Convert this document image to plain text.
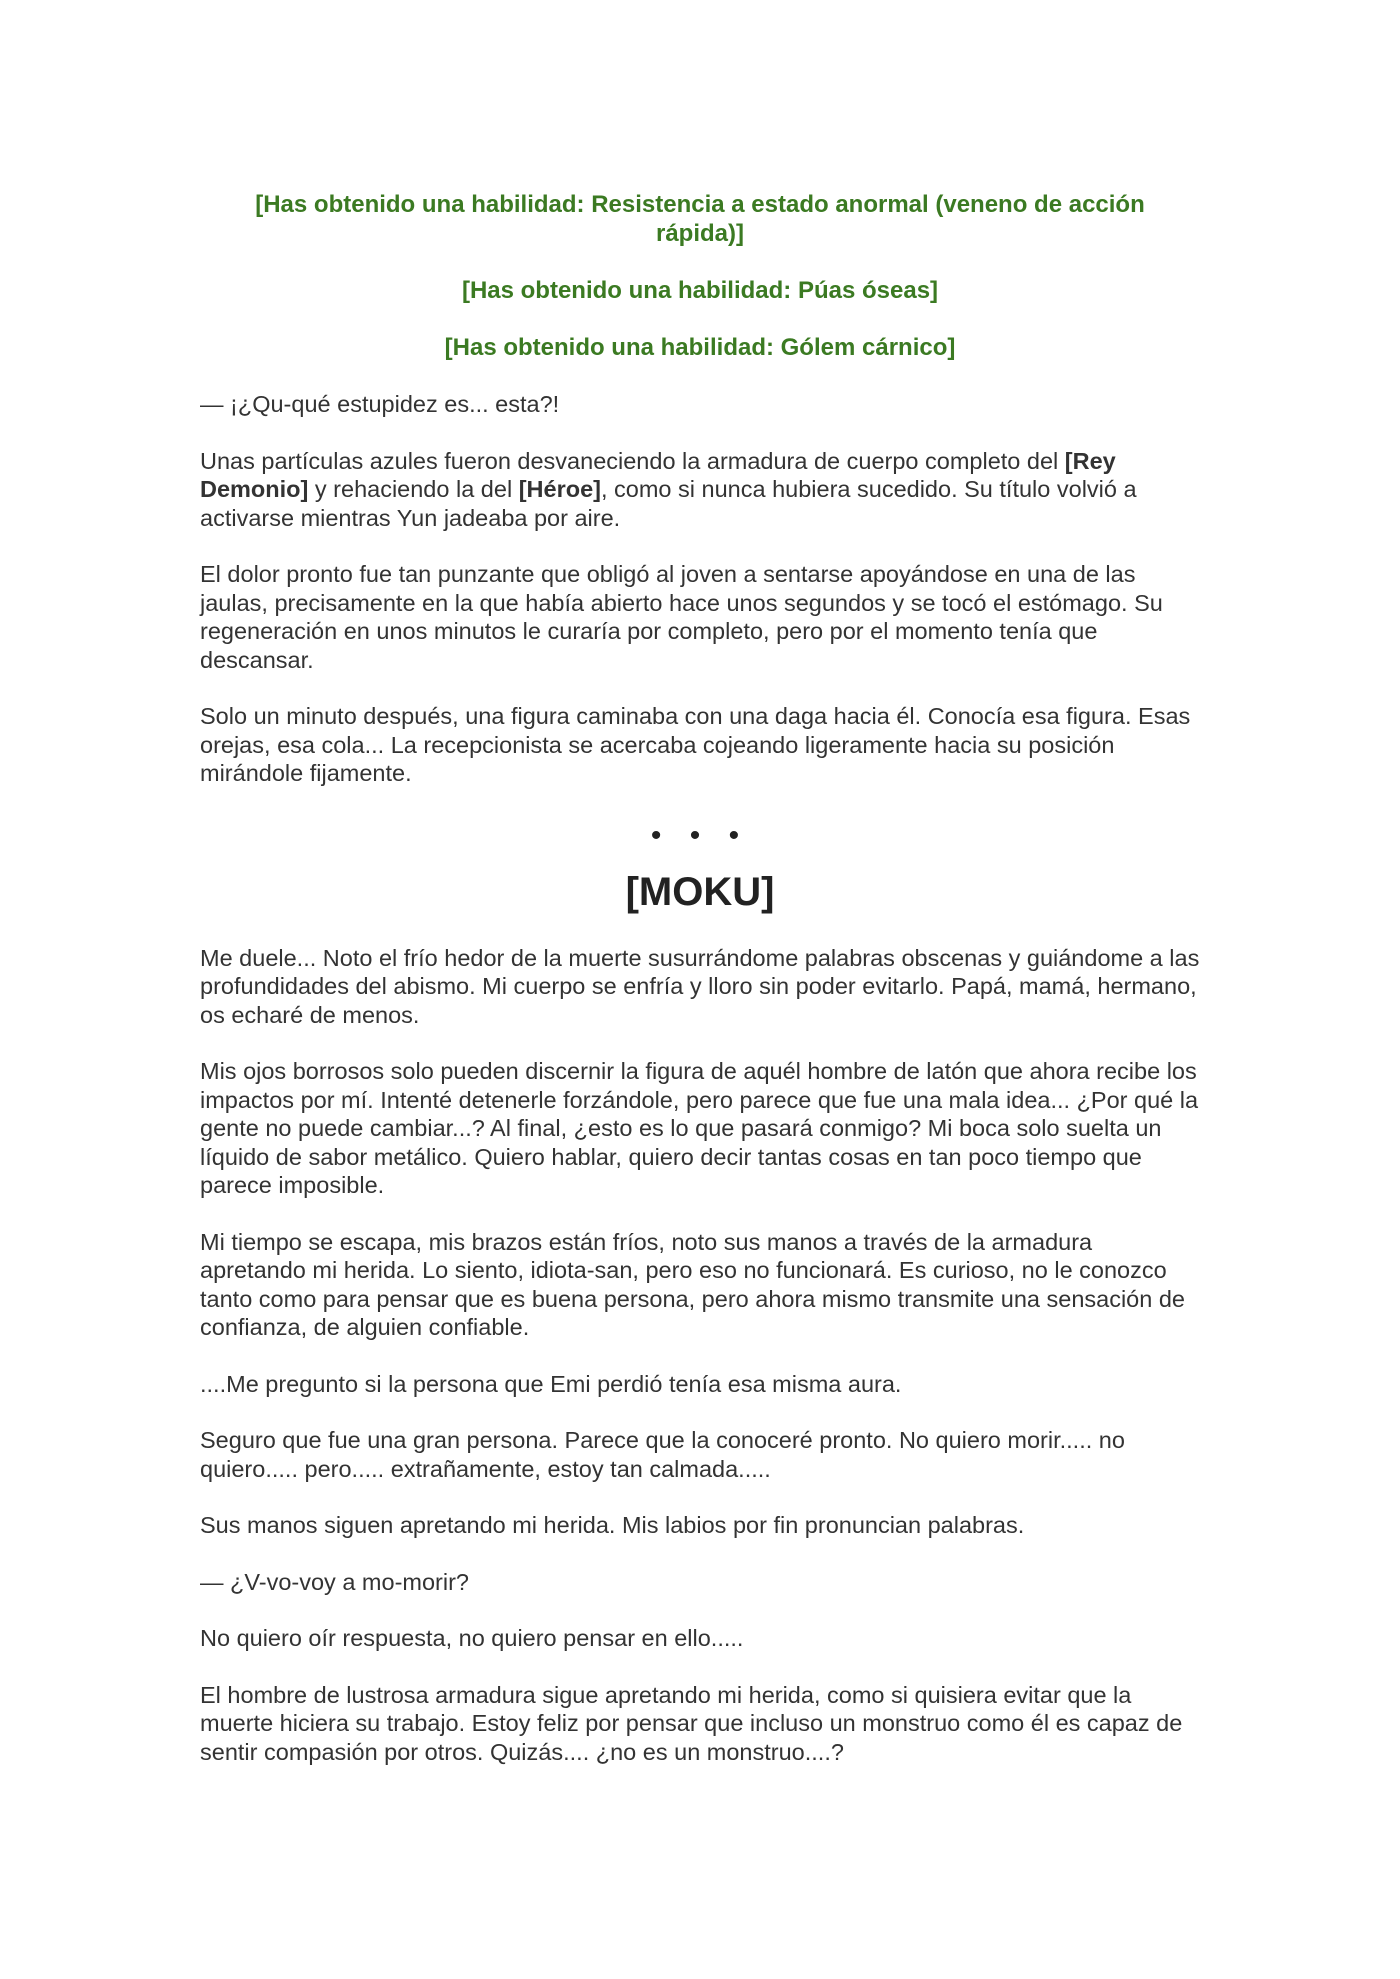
[Has obtenido una habilidad: Resistencia a estado anormal (veneno de acción rápida)]
[Has obtenido una habilidad: Púas óseas]
[Has obtenido una habilidad: Gólem cárnico]

— ¡¿Qu-qué estupidez es... esta?!

Unas partículas azules fueron desvaneciendo la armadura de cuerpo completo del [Rey Demonio] y rehaciendo la del [Héroe], como si nunca hubiera sucedido. Su título volvió a activarse mientras Yun jadeaba por aire.

El dolor pronto fue tan punzante que obligó al joven a sentarse apoyándose en una de las jaulas, precisamente en la que había abierto hace unos segundos y se tocó el estómago. Su regeneración en unos minutos le curaría por completo, pero por el momento tenía que descansar.

Solo un minuto después, una figura caminaba con una daga hacia él. Conocía esa figura. Esas orejas, esa cola... La recepcionista se acercaba cojeando ligeramente hacia su posición mirándole fijamente.

• • •
[MOKU]

Me duele... Noto el frío hedor de la muerte susurrándome palabras obscenas y guiándome a las profundidades del abismo. Mi cuerpo se enfría y lloro sin poder evitarlo. Papá, mamá, hermano, os echaré de menos.

Mis ojos borrosos solo pueden discernir la figura de aquél hombre de latón que ahora recibe los impactos por mí. Intenté detenerle forzándole, pero parece que fue una mala idea... ¿Por qué la gente no puede cambiar...? Al final, ¿esto es lo que pasará conmigo? Mi boca solo suelta un líquido de sabor metálico. Quiero hablar, quiero decir tantas cosas en tan poco tiempo que parece imposible.

Mi tiempo se escapa, mis brazos están fríos, noto sus manos a través de la armadura apretando mi herida. Lo siento, idiota-san, pero eso no funcionará. Es curioso, no le conozco tanto como para pensar que es buena persona, pero ahora mismo transmite una sensación de confianza, de alguien confiable.

....Me pregunto si la persona que Emi perdió tenía esa misma aura.

Seguro que fue una gran persona. Parece que la conoceré pronto. No quiero morir..... no quiero..... pero..... extrañamente, estoy tan calmada.....

Sus manos siguen apretando mi herida. Mis labios por fin pronuncian palabras.

— ¿V-vo-voy a mo-morir?

No quiero oír respuesta, no quiero pensar en ello.....

El hombre de lustrosa armadura sigue apretando mi herida, como si quisiera evitar que la muerte hiciera su trabajo. Estoy feliz por pensar que incluso un monstruo como él es capaz de sentir compasión por otros. Quizás.... ¿no es un monstruo....?
